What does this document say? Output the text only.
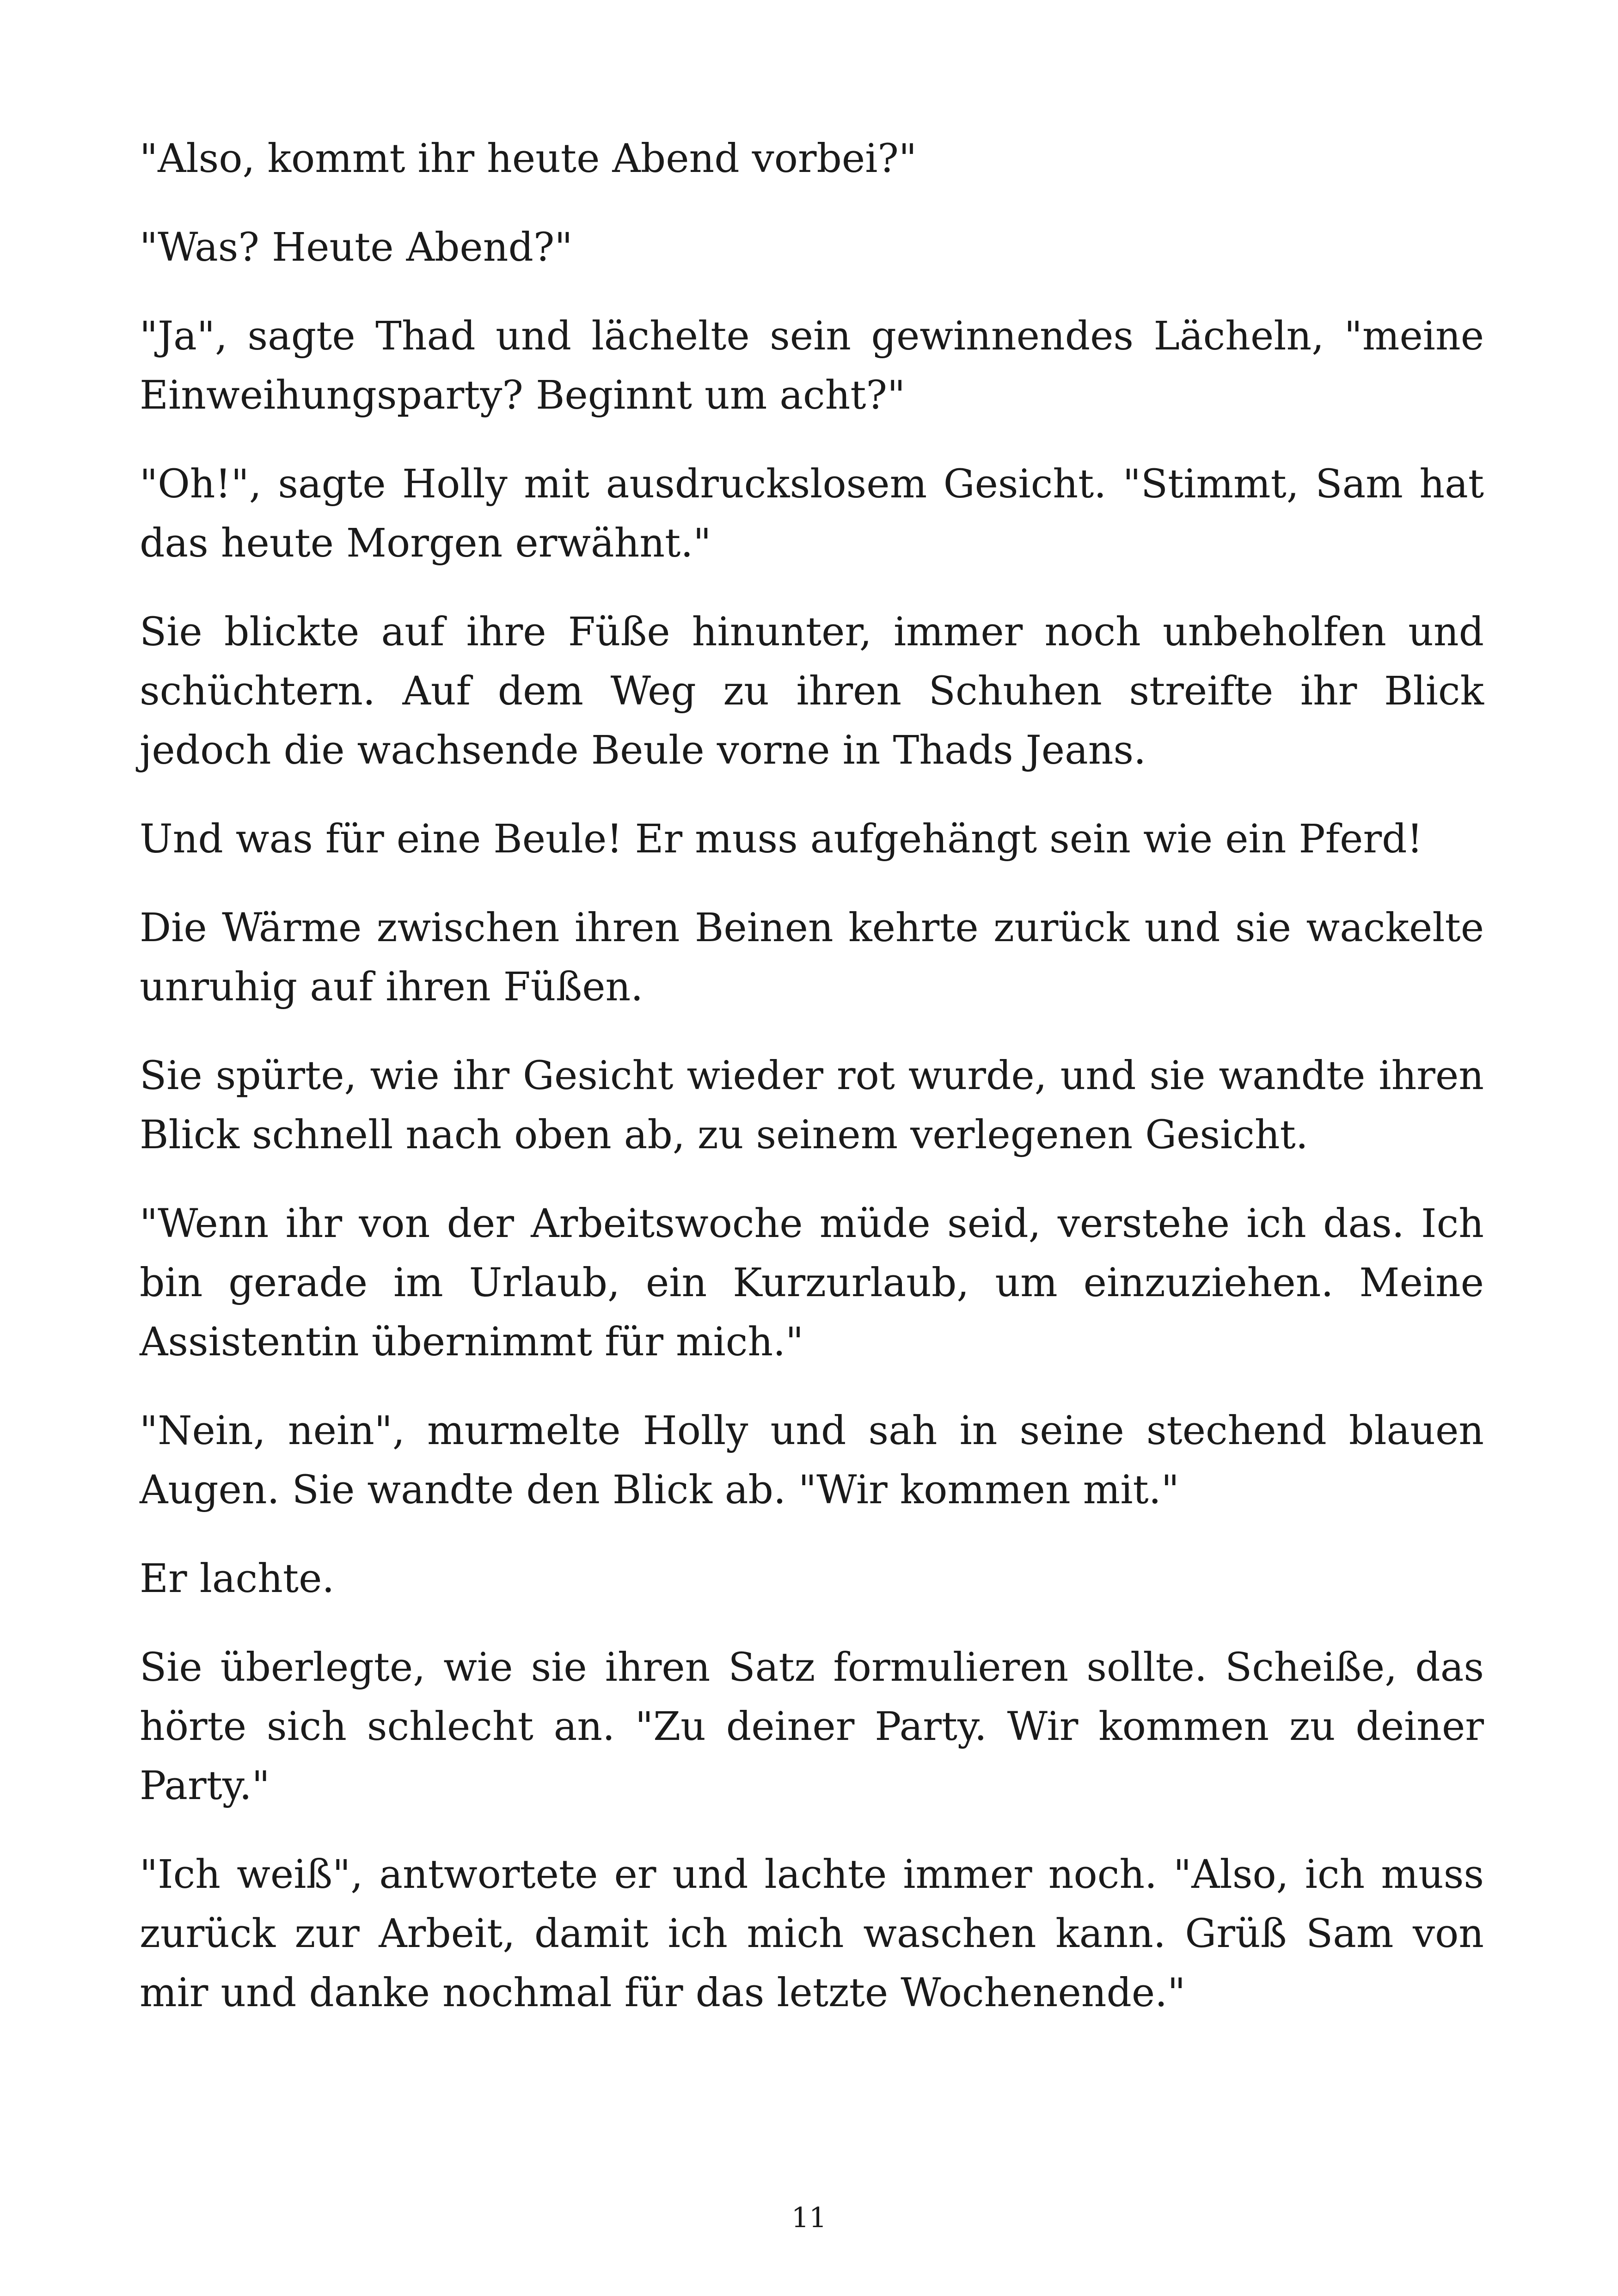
"Also, kommt ihr heute Abend vorbei?"

"Was? Heute Abend?"

"Ja", sagte Thad und lächelte sein gewinnendes Lächeln, "meine Einweihungsparty? Beginnt um acht?"

"Oh!", sagte Holly mit ausdruckslosem Gesicht. "Stimmt, Sam hat das heute Morgen erwähnt."

Sie blickte auf ihre Füße hinunter, immer noch unbeholfen und schüchtern. Auf dem Weg zu ihren Schuhen streifte ihr Blick jedoch die wachsende Beule vorne in Thads Jeans.

Und was für eine Beule! Er muss aufgehängt sein wie ein Pferd!

Die Wärme zwischen ihren Beinen kehrte zurück und sie wackelte unruhig auf ihren Füßen.

Sie spürte, wie ihr Gesicht wieder rot wurde, und sie wandte ihren Blick schnell nach oben ab, zu seinem verlegenen Gesicht.

"Wenn ihr von der Arbeitswoche müde seid, verstehe ich das. Ich bin gerade im Urlaub, ein Kurzurlaub, um einzuziehen. Meine Assistentin übernimmt für mich."

"Nein, nein", murmelte Holly und sah in seine stechend blauen Augen. Sie wandte den Blick ab. "Wir kommen mit."

Er lachte.

Sie überlegte, wie sie ihren Satz formulieren sollte. Scheiße, das hörte sich schlecht an. "Zu deiner Party. Wir kommen zu deiner Party."

"Ich weiß", antwortete er und lachte immer noch. "Also, ich muss zurück zur Arbeit, damit ich mich waschen kann. Grüß Sam von mir und danke nochmal für das letzte Wochenende."

11
